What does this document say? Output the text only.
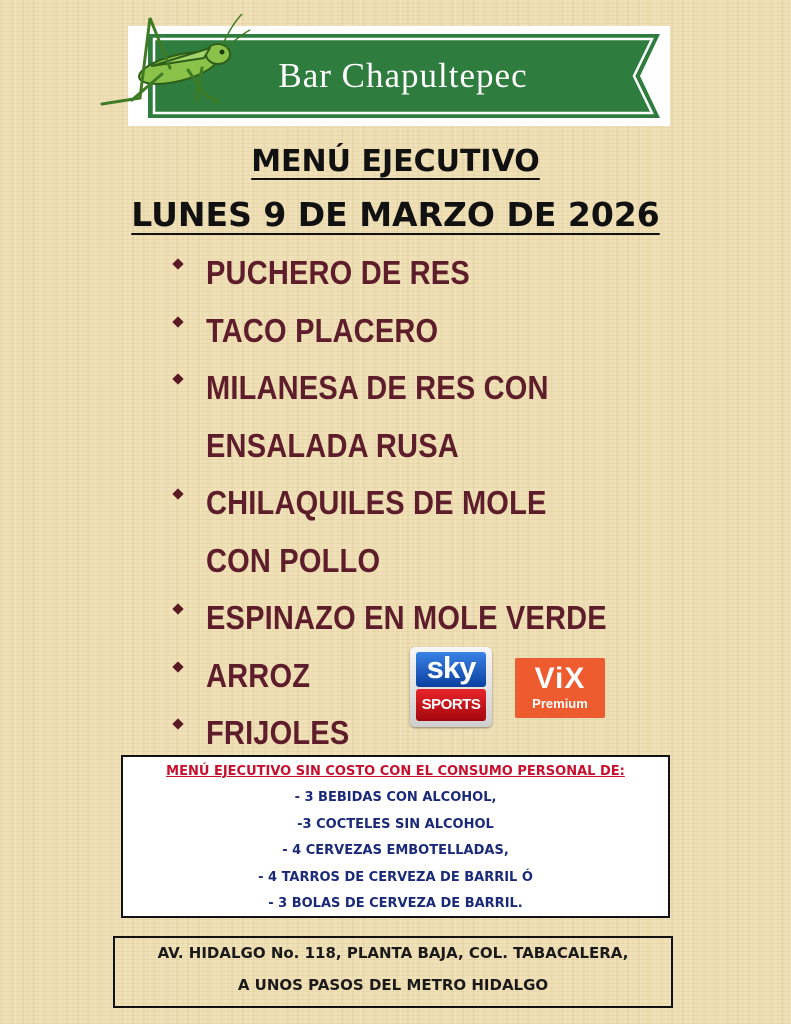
Bar Chapultepec
MENÚ EJECUTIVO
LUNES 9 DE MARZO DE 2026
PUCHERO DE RES
TACO PLACERO
MILANESA DE RES CON
ENSALADA RUSA
CHILAQUILES DE MOLE
CON POLLO
ESPINAZO EN MOLE VERDE
ARROZ
FRIJOLES
sky
SPORTS
ViX
Premium
MENÚ EJECUTIVO SIN COSTO CON EL CONSUMO PERSONAL DE:
- 3 BEBIDAS CON ALCOHOL,
-3 COCTELES SIN ALCOHOL
- 4 CERVEZAS EMBOTELLADAS,
- 4 TARROS DE CERVEZA DE BARRIL Ó
- 3 BOLAS DE CERVEZA DE BARRIL.
AV. HIDALGO No. 118, PLANTA BAJA, COL. TABACALERA,
A UNOS PASOS DEL METRO HIDALGO
